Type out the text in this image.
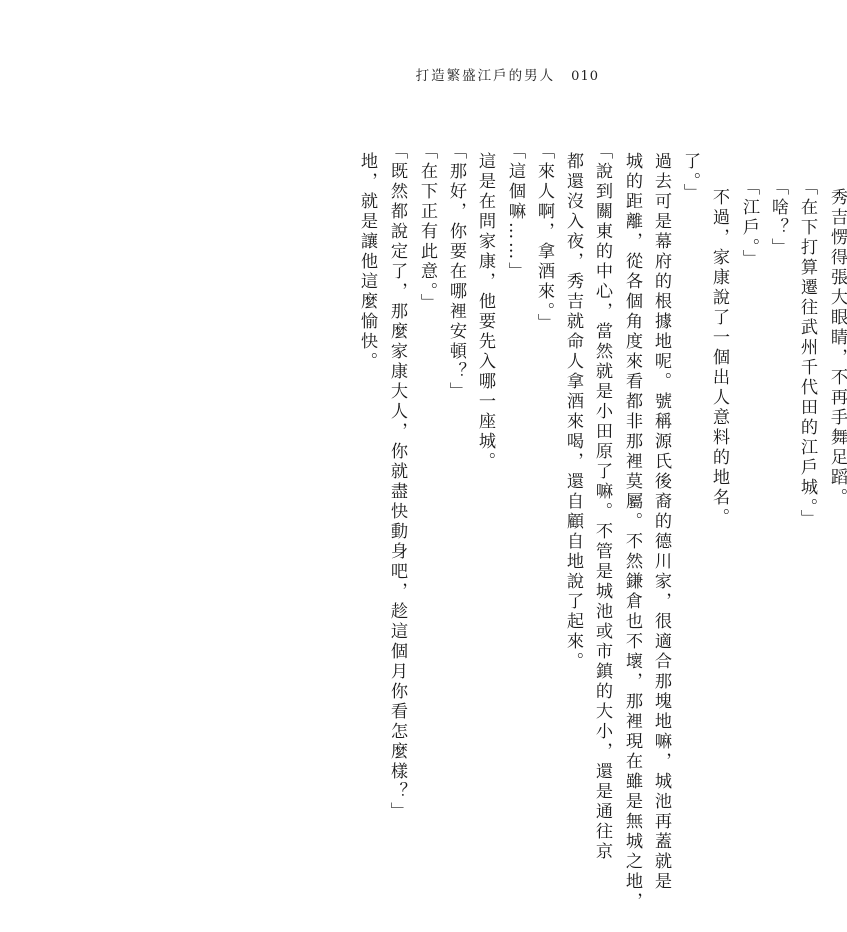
打造繁盛江戶的男人 010
地，就是讓他這麼愉快。 「既然都說定了，那麼家康大人，你就盡快動身吧，趁這個月你看怎麼樣？」 「在下正有此意。」 「那好，你要在哪裡安頓？」 這是在問家康，他要先入哪一座城。 「這個嘛……」 「來人啊，拿酒來。」 都還沒入夜，秀吉就命人拿酒來喝，還自顧自地說了起來。 「說到關東的中心，當然就是小田原了嘛。不管是城池或市鎮的大小，還是通往京 城的距離，從各個角度來看都非那裡莫屬。不然鎌倉也不壞，那裡現在雖是無城之地， 過去可是幕府的根據地呢。號稱源氏後裔的德川家，很適合那塊地嘛，城池再蓋就是 了。」
不過，家康說了一個出人意料的地名。 「江戶。」 「啥？」 「在下打算遷往武州千代田的江戶城。」 秀吉愣得張大眼睛，不再手舞足蹈。
